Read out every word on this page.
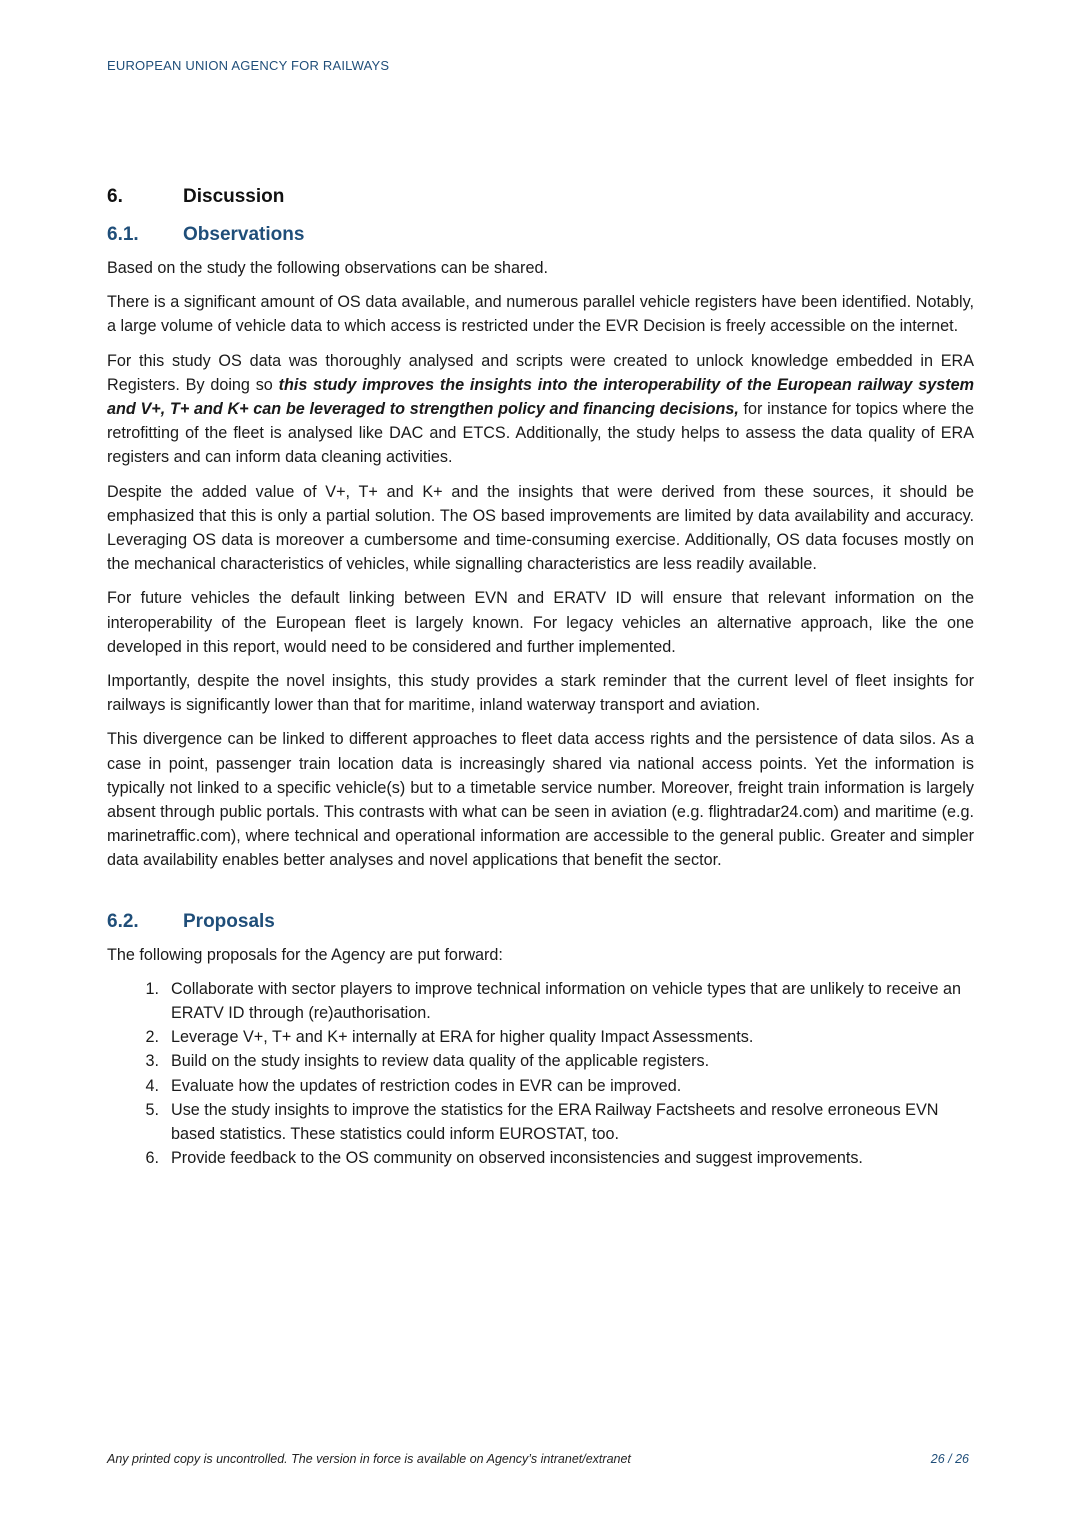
EUROPEAN UNION AGENCY FOR RAILWAYS
6.	Discussion
6.1.	Observations

Based on the study the following observations can be shared.

There is a significant amount of OS data available, and numerous parallel vehicle registers have been identified. Notably, a large volume of vehicle data to which access is restricted under the EVR Decision is freely accessible on the internet.

For this study OS data was thoroughly analysed and scripts were created to unlock knowledge embedded in ERA Registers. By doing so this study improves the insights into the interoperability of the European railway system and V+, T+ and K+ can be leveraged to strengthen policy and financing decisions, for instance for topics where the retrofitting of the fleet is analysed like DAC and ETCS. Additionally, the study helps to assess the data quality of ERA registers and can inform data cleaning activities.

Despite the added value of V+, T+ and K+ and the insights that were derived from these sources, it should be emphasized that this is only a partial solution. The OS based improvements are limited by data availability and accuracy. Leveraging OS data is moreover a cumbersome and time-consuming exercise. Additionally, OS data focuses mostly on the mechanical characteristics of vehicles, while signalling characteristics are less readily available.

For future vehicles the default linking between EVN and ERATV ID will ensure that relevant information on the interoperability of the European fleet is largely known. For legacy vehicles an alternative approach, like the one developed in this report, would need to be considered and further implemented.

Importantly, despite the novel insights, this study provides a stark reminder that the current level of fleet insights for railways is significantly lower than that for maritime, inland waterway transport and aviation.

This divergence can be linked to different approaches to fleet data access rights and the persistence of data silos. As a case in point, passenger train location data is increasingly shared via national access points. Yet the information is typically not linked to a specific vehicle(s) but to a timetable service number. Moreover, freight train information is largely absent through public portals. This contrasts with what can be seen in aviation (e.g. flightradar24.com) and maritime (e.g. marinetraffic.com), where technical and operational information are accessible to the general public. Greater and simpler data availability enables better analyses and novel applications that benefit the sector.

6.2.	Proposals

The following proposals for the Agency are put forward:

1. Collaborate with sector players to improve technical information on vehicle types that are unlikely to receive an ERATV ID through (re)authorisation.
2. Leverage V+, T+ and K+ internally at ERA for higher quality Impact Assessments.
3. Build on the study insights to review data quality of the applicable registers.
4. Evaluate how the updates of restriction codes in EVR can be improved.
5. Use the study insights to improve the statistics for the ERA Railway Factsheets and resolve erroneous EVN based statistics. These statistics could inform EUROSTAT, too.
6. Provide feedback to the OS community on observed inconsistencies and suggest improvements.
Any printed copy is uncontrolled. The version in force is available on Agency’s intranet/extranet	26 / 26
